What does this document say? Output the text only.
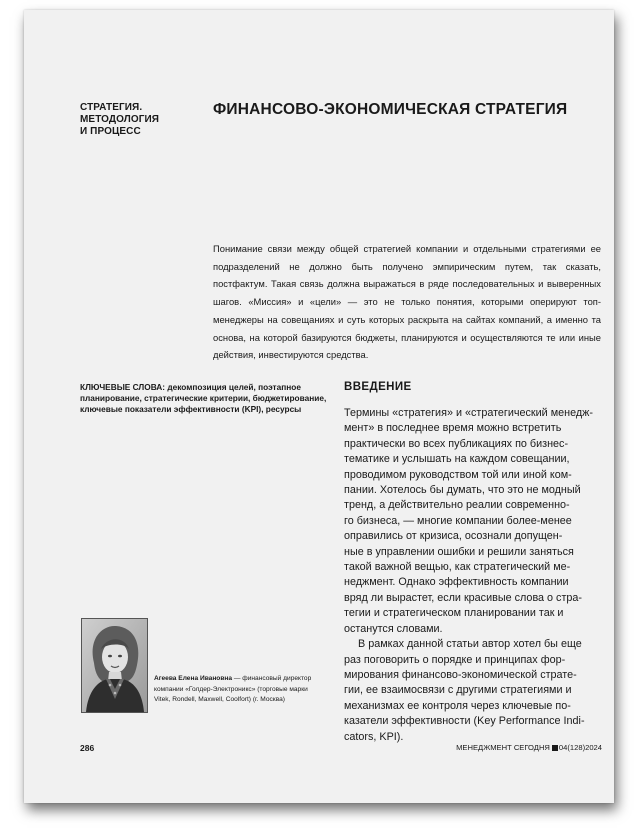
СТРАТЕГИЯ.
МЕТОДОЛОГИЯ
И ПРОЦЕСС
ФИНАНСОВО-ЭКОНОМИЧЕСКАЯ СТРАТЕГИЯ
Понимание связи между общей стратегией компании и отдельными стратегиями ее подразделений не должно быть получено эмпирическим путем, так сказать, постфактум. Такая связь должна выражаться в ряде последовательных и выверенных шагов. «Миссия» и «цели» — это не только понятия, которыми оперируют топ-менеджеры на совещаниях и суть которых раскрыта на сайтах компаний, а именно та основа, на которой базируются бюджеты, планируются и осуществляются те или иные действия, инвестируются средства.
КЛЮЧЕВЫЕ СЛОВА: декомпозиция целей, поэтапное планирование, стратегические критерии, бюджетирование, ключевые показатели эффективности (KPI), ресурсы
ВВЕДЕНИЕ

Термины «стратегия» и «стратегический менедж-
мент» в последнее время можно встретить
практически во всех публикациях по бизнес-
тематике и услышать на каждом совещании,
проводимом руководством той или иной ком-
пании. Хотелось бы думать, что это не модный
тренд, а действительно реалии современно-
го бизнеса, — многие компании более-менее
оправились от кризиса, осознали допущен-
ные в управлении ошибки и решили заняться
такой важной вещью, как стратегический ме-
неджмент. Однако эффективность компании
вряд ли вырастет, если красивые слова о стра-
тегии и стратегическом планировании так и
останутся словами.

В рамках данной статьи автор хотел бы еще
раз поговорить о порядке и принципах фор-
мирования финансово-экономической страте-
гии, ее взаимосвязи с другими стратегиями и
механизмах ее контроля через ключевые по-
казатели эффективности (Key Performance Indi-
cators, KPI).

Агеева Елена Ивановна — финансовый директор компании «Голдер-Электроникс» (торговые марки Vitek, Rondell, Maxwell, Coolfort) (г. Москва)
286	МЕНЕДЖМЕНТ СЕГОДНЯ 04(128)2024
